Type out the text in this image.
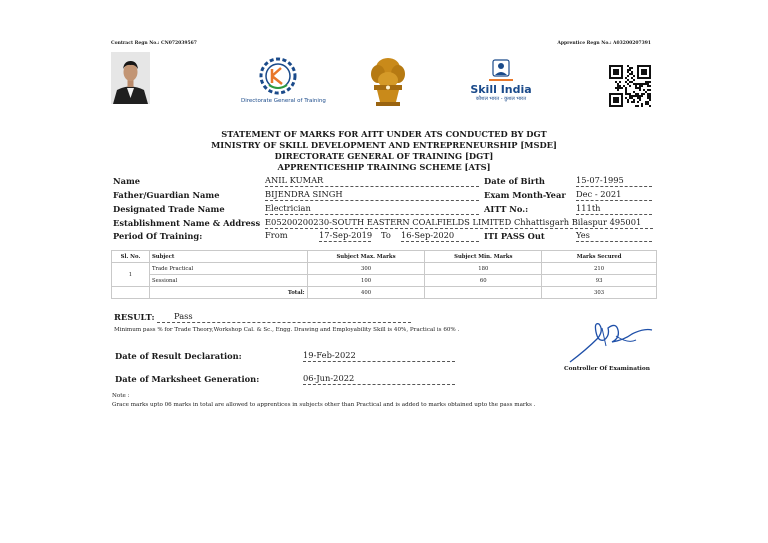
Contract Regn No.: CN072039567	Apprentice Regn No.: A03200207391
Directorate General of Training
Skill India
कौशल भारत - कुशल भारत
STATEMENT OF MARKS FOR AITT UNDER ATS CONDUCTED BY DGT
MINISTRY OF SKILL DEVELOPMENT AND ENTREPRENEURSHIP [MSDE]
DIRECTORATE GENERAL OF TRAINING [DGT]
APPRENTICESHIP TRAINING SCHEME [ATS]
Name	ANIL KUMAR	Date of Birth	15-07-1995
Father/Guardian Name	BIJENDRA SINGH	Exam Month-Year Dec - 2021
Designated Trade Name	Electrician	AITT No.:	111th
Establishment Name & Address E05200200230-SOUTH EASTERN COALFIELDS LIMITED Chhattisgarh Bilaspur 495001
Period Of Training:	From	17-Sep-2019 To 16-Sep-2020	ITI PASS Out	Yes
Sl. No.	Subject	Subject Max. Marks	Subject Min. Marks	Marks Secured
1	Trade Practical	300	180	210
	Sessional	100	60	93
	Total:	400		303
RESULT:	Pass
Minimum pass % for Trade Theory,Workshop Cal. & Sc., Engg. Drawing and Employability Skill is 40%, Practical is 60% .
Date of Result Declaration:	19-Feb-2022
Date of Marksheet Generation:	06-Jun-2022
Controller Of Examination
Note :
Grace marks upto 06 marks in total are allowed to apprentices in subjects other than Practical and is added to marks obtained upto the pass marks .
